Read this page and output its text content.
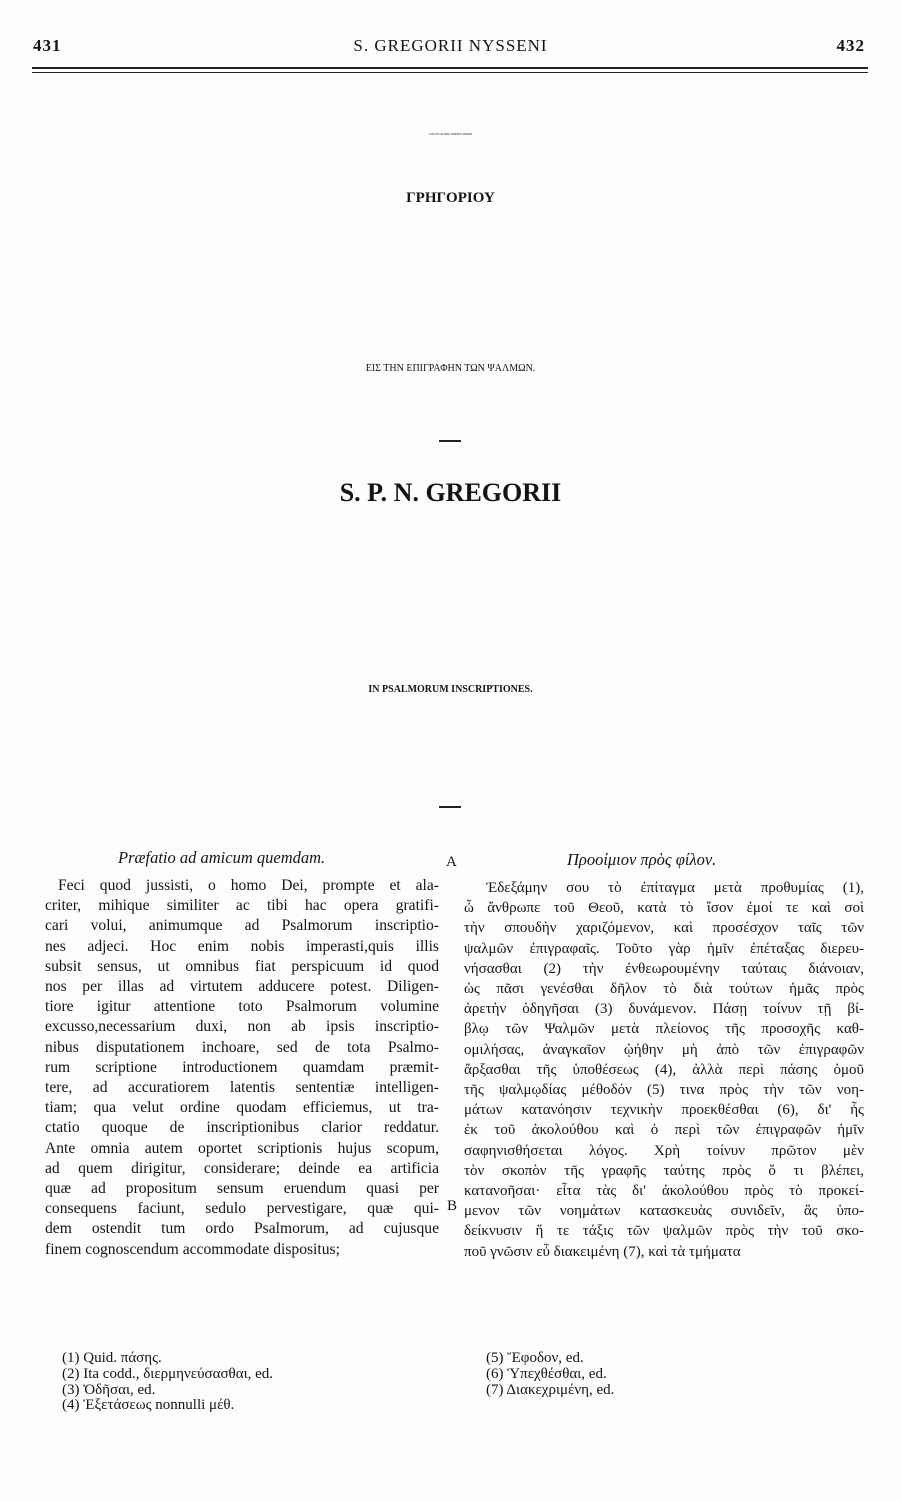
431	S. GREGORII NYSSENI	432
ΤΟΥ ΕΝ ΑΓΙΟΙΣ ΠΑΤΡΟΣ ΗΜΩΝ
ΓΡΗΓΟΡΙΟΥ
ΕΙΣ ΤΗΝ ΕΠΙΓΡΑΦΗΝ ΤΩΝ ΨΑΛΜΩΝ.
S. P. N. GREGORII
IN PSALMORUM INSCRIPTIONES.
Præfatio ad amicum quemdam.	Προοίμιον πρὸς φίλον.
A
B
Feci quod jussisti, o homo Dei, prompte et ala-
criter, mihique similiter ac tibi hac opera gratifi-
cari volui, animumque ad Psalmorum inscriptio-
nes adjeci. Hoc enim nobis imperasti,quis illis
subsit sensus, ut omnibus fiat perspicuum id quod
nos per illas ad virtutem adducere potest. Diligen-
tiore igitur attentione toto Psalmorum volumine
excusso,necessarium duxi, non ab ipsis inscriptio-
nibus disputationem inchoare, sed de tota Psalmo-
rum scriptione introductionem quamdam præmit-
tere, ad accuratiorem latentis sententiæ intelligen-
tiam; qua velut ordine quodam efficiemus, ut tra-
ctatio quoque de inscriptionibus clarior reddatur.
Ante omnia autem oportet scriptionis hujus scopum,
ad quem dirigitur, considerare; deinde ea artificia
quæ ad propositum sensum eruendum quasi per
consequens faciunt, sedulo pervestigare, quæ qui-
dem ostendit tum ordo Psalmorum, ad cujusque
finem cognoscendum accommodate dispositus;
Ἐδεξάμην σου τὸ ἐπίταγμα μετὰ προθυμίας (1),
ὦ ἄνθρωπε τοῦ Θεοῦ, κατὰ τὸ ἴσον ἐμοί τε καὶ σοὶ
τὴν σπουδὴν χαριζόμενον, καὶ προσέσχον ταῖς τῶν
ψαλμῶν ἐπιγραφαῖς. Τοῦτο γὰρ ἡμῖν ἐπέταξας διερευ-
νήσασθαι (2) τὴν ἐνθεωρουμένην ταύταις διάνοιαν,
ὡς πᾶσι γενέσθαι δῆλον τὸ διὰ τούτων ἡμᾶς πρὸς
ἀρετὴν ὁδηγῆσαι (3) δυνάμενον. Πάσῃ τοίνυν τῇ βί-
βλῳ τῶν Ψαλμῶν μετὰ πλείονος τῆς προσοχῆς καθ-
ομιλήσας, ἀναγκαῖον ᾠήθην μὴ ἀπὸ τῶν ἐπιγραφῶν
ἄρξασθαι τῆς ὑποθέσεως (4), ἀλλὰ περὶ πάσης ὁμοῦ
τῆς ψαλμῳδίας μέθοδόν (5) τινα πρὸς τὴν τῶν νοη-
μάτων κατανόησιν τεχνικὴν προεκθέσθαι (6), δι' ἧς
ἐκ τοῦ ἀκολούθου καὶ ὁ περὶ τῶν ἐπιγραφῶν ἡμῖν
σαφηνισθήσεται λόγος. Χρὴ τοίνυν πρῶτον μὲν
τὸν σκοπὸν τῆς γραφῆς ταύτης πρὸς ὅ τι βλέπει,
κατανοῆσαι· εἶτα τὰς δι' ἀκολούθου πρὸς τὸ προκεί-
μενον τῶν νοημάτων κατασκευὰς συνιδεῖν, ἃς ὑπο-
δείκνυσιν ἥ τε τάξις τῶν ψαλμῶν πρὸς τὴν τοῦ σκο-
ποῦ γνῶσιν εὖ διακειμένη (7), καὶ τὰ τμήματα
(1) Quid. πάσης.
(2) Ita codd., διερμηνεύσασθαι, ed.
(3) Ὀδῆσαι, ed.
(4) Ἐξετάσεως nonnulli μέθ.
(5) Ἔφοδον, ed.
(6) Ὑπεχθέσθαι, ed.
(7) Διακεχριμένη, ed.
